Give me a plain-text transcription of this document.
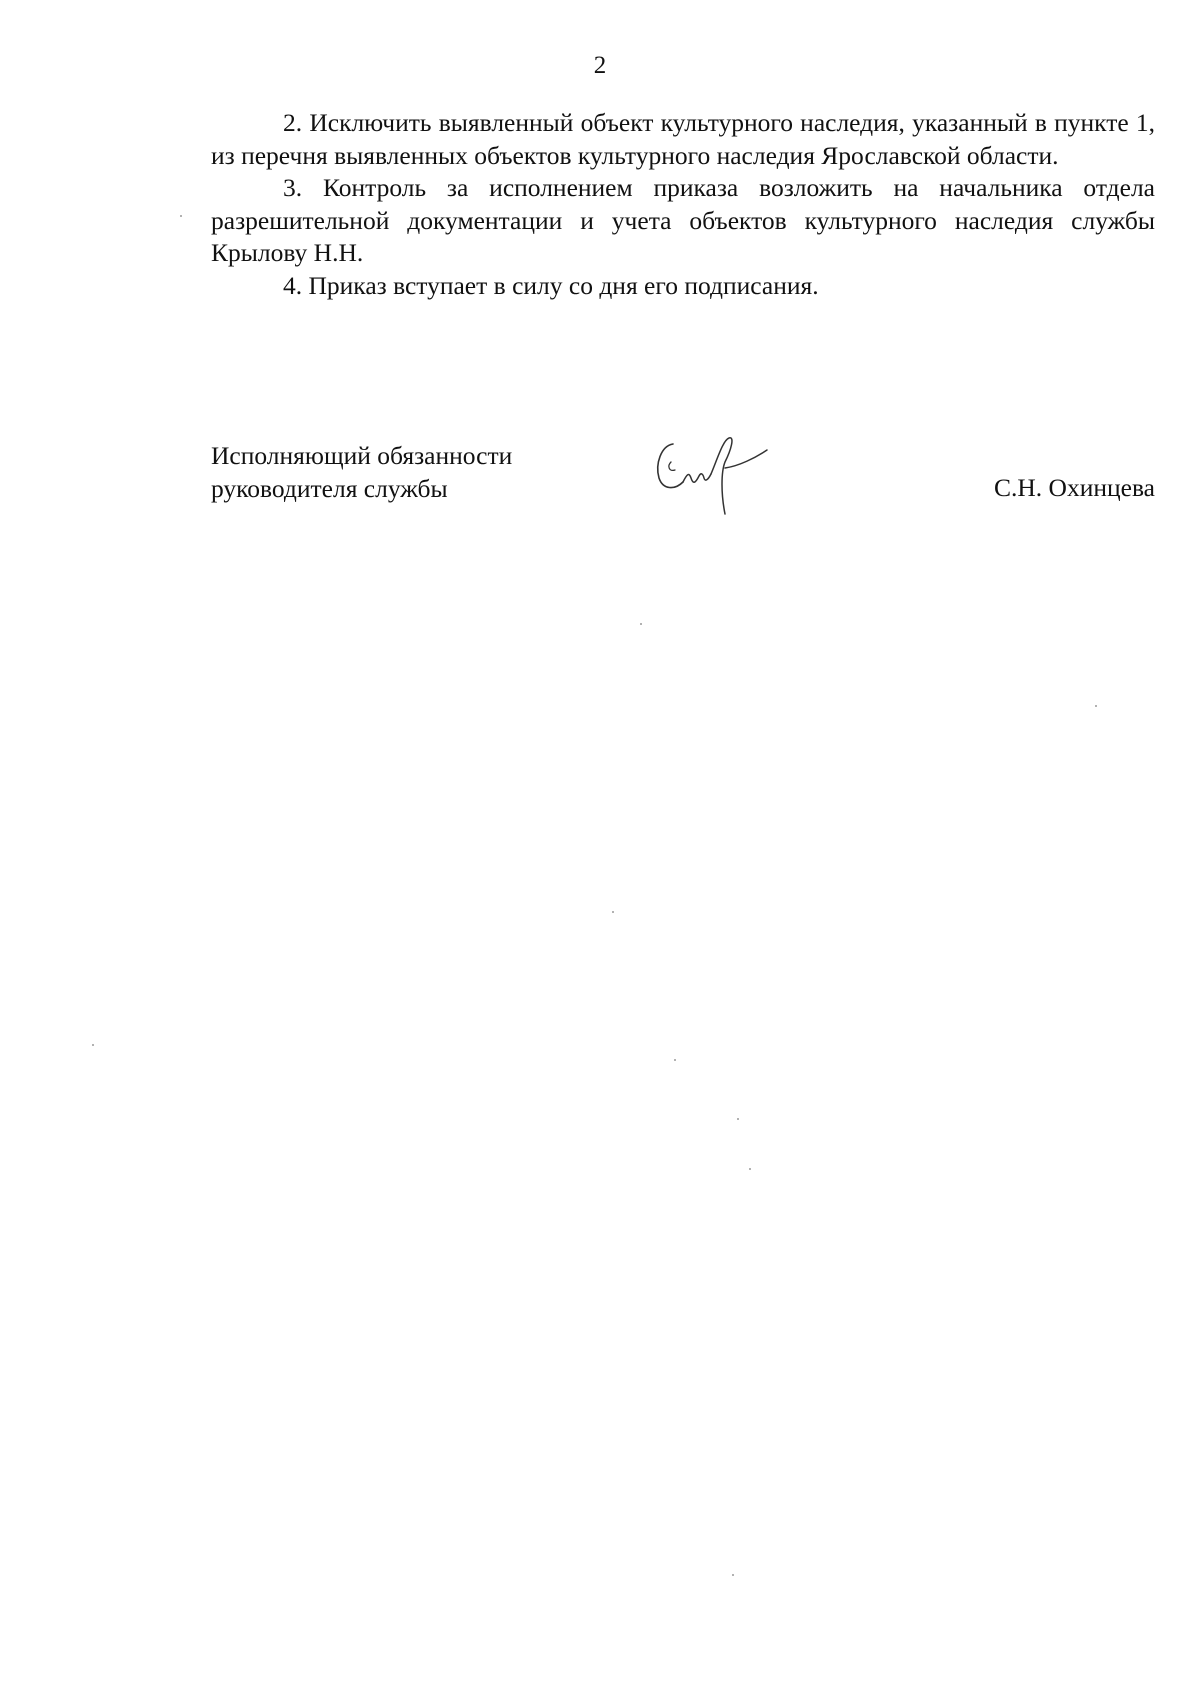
2

2. Исключить выявленный объект культурного наследия, указанный в пункте 1, из перечня выявленных объектов культурного наследия Ярославской области.

3. Контроль за исполнением приказа возложить на начальника отдела разрешительной документации и учета объектов культурного наследия службы Крылову Н.Н.

4. Приказ вступает в силу со дня его подписания.

Исполняющий обязанности
руководителя службы	С.Н. Охинцева
